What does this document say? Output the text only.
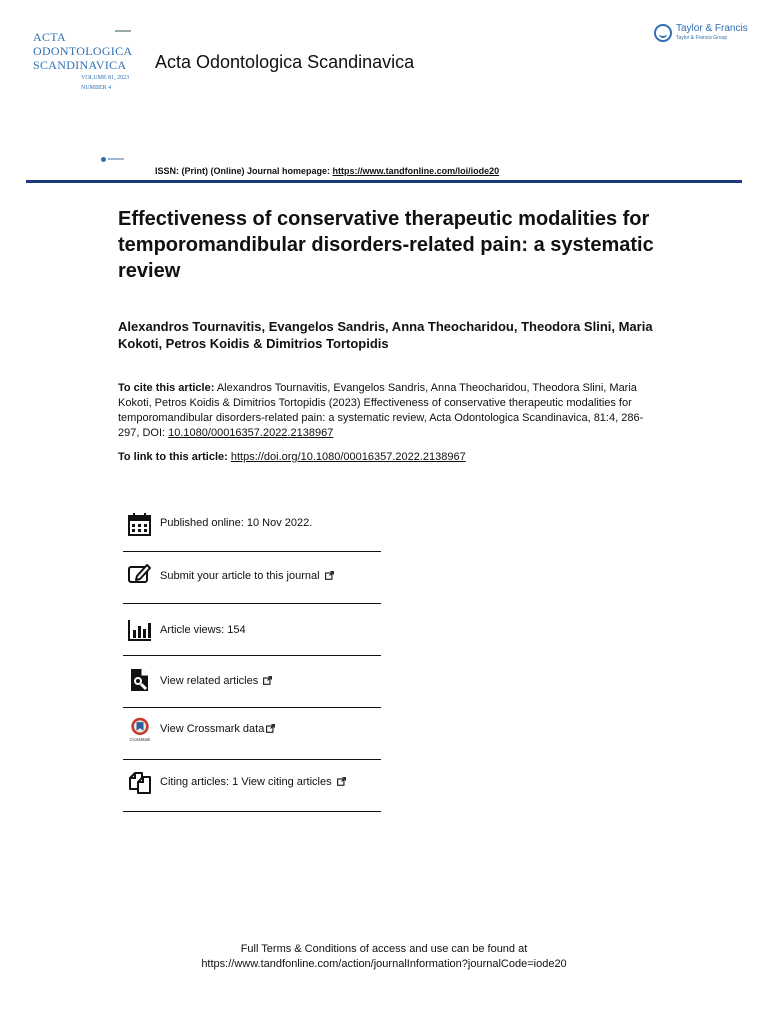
ACTA
ODONTOLOGICA
SCANDINAVICA
VOLUME 81, 2023
NUMBER 4
Acta Odontologica Scandinavica
Taylor & Francis
Taylor & Francis Group
ISSN: (Print) (Online) Journal homepage: https://www.tandfonline.com/loi/iode20
Effectiveness of conservative therapeutic modalities for temporomandibular disorders-related pain: a systematic review
Alexandros Tournavitis, Evangelos Sandris, Anna Theocharidou, Theodora Slini, Maria Kokoti, Petros Koidis & Dimitrios Tortopidis
To cite this article: Alexandros Tournavitis, Evangelos Sandris, Anna Theocharidou, Theodora Slini, Maria Kokoti, Petros Koidis & Dimitrios Tortopidis (2023) Effectiveness of conservative therapeutic modalities for temporomandibular disorders-related pain: a systematic review, Acta Odontologica Scandinavica, 81:4, 286-297, DOI: 10.1080/00016357.2022.2138967
To link to this article: https://doi.org/10.1080/00016357.2022.2138967
Published online: 10 Nov 2022.
Submit your article to this journal
Article views: 154
View related articles
CrossMark
View Crossmark data
Citing articles: 1 View citing articles
Full Terms & Conditions of access and use can be found at
https://www.tandfonline.com/action/journalInformation?journalCode=iode20
